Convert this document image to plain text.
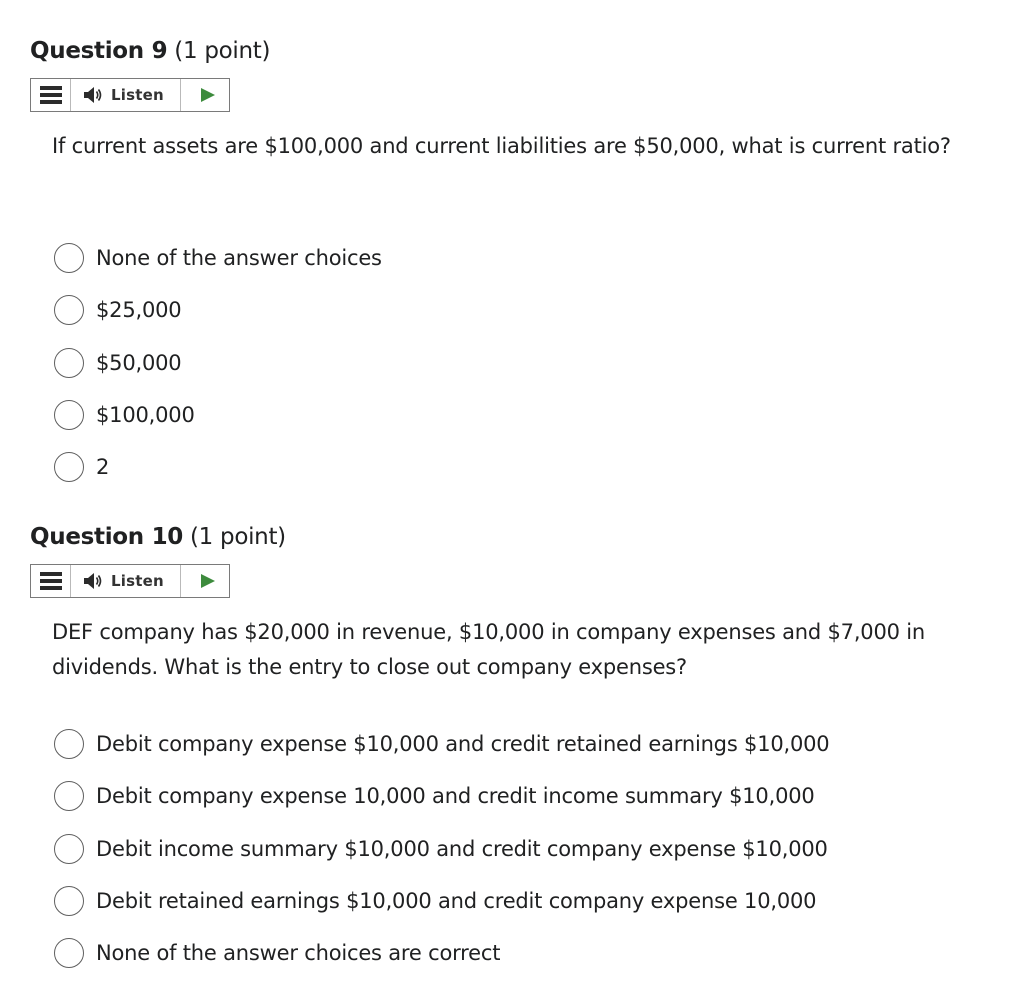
Question 9 (1 point)
Listen
If current assets are $100,000 and current liabilities are $50,000, what is current ratio?
None of the answer choices
$25,000
$50,000
$100,000
2
Question 10 (1 point)
Listen
DEF company has $20,000 in revenue, $10,000 in company expenses and $7,000 in dividends. What is the entry to close out company expenses?
Debit company expense $10,000 and credit retained earnings $10,000
Debit company expense 10,000 and credit income summary $10,000
Debit income summary $10,000 and credit company expense $10,000
Debit retained earnings $10,000 and credit company expense 10,000
None of the answer choices are correct
